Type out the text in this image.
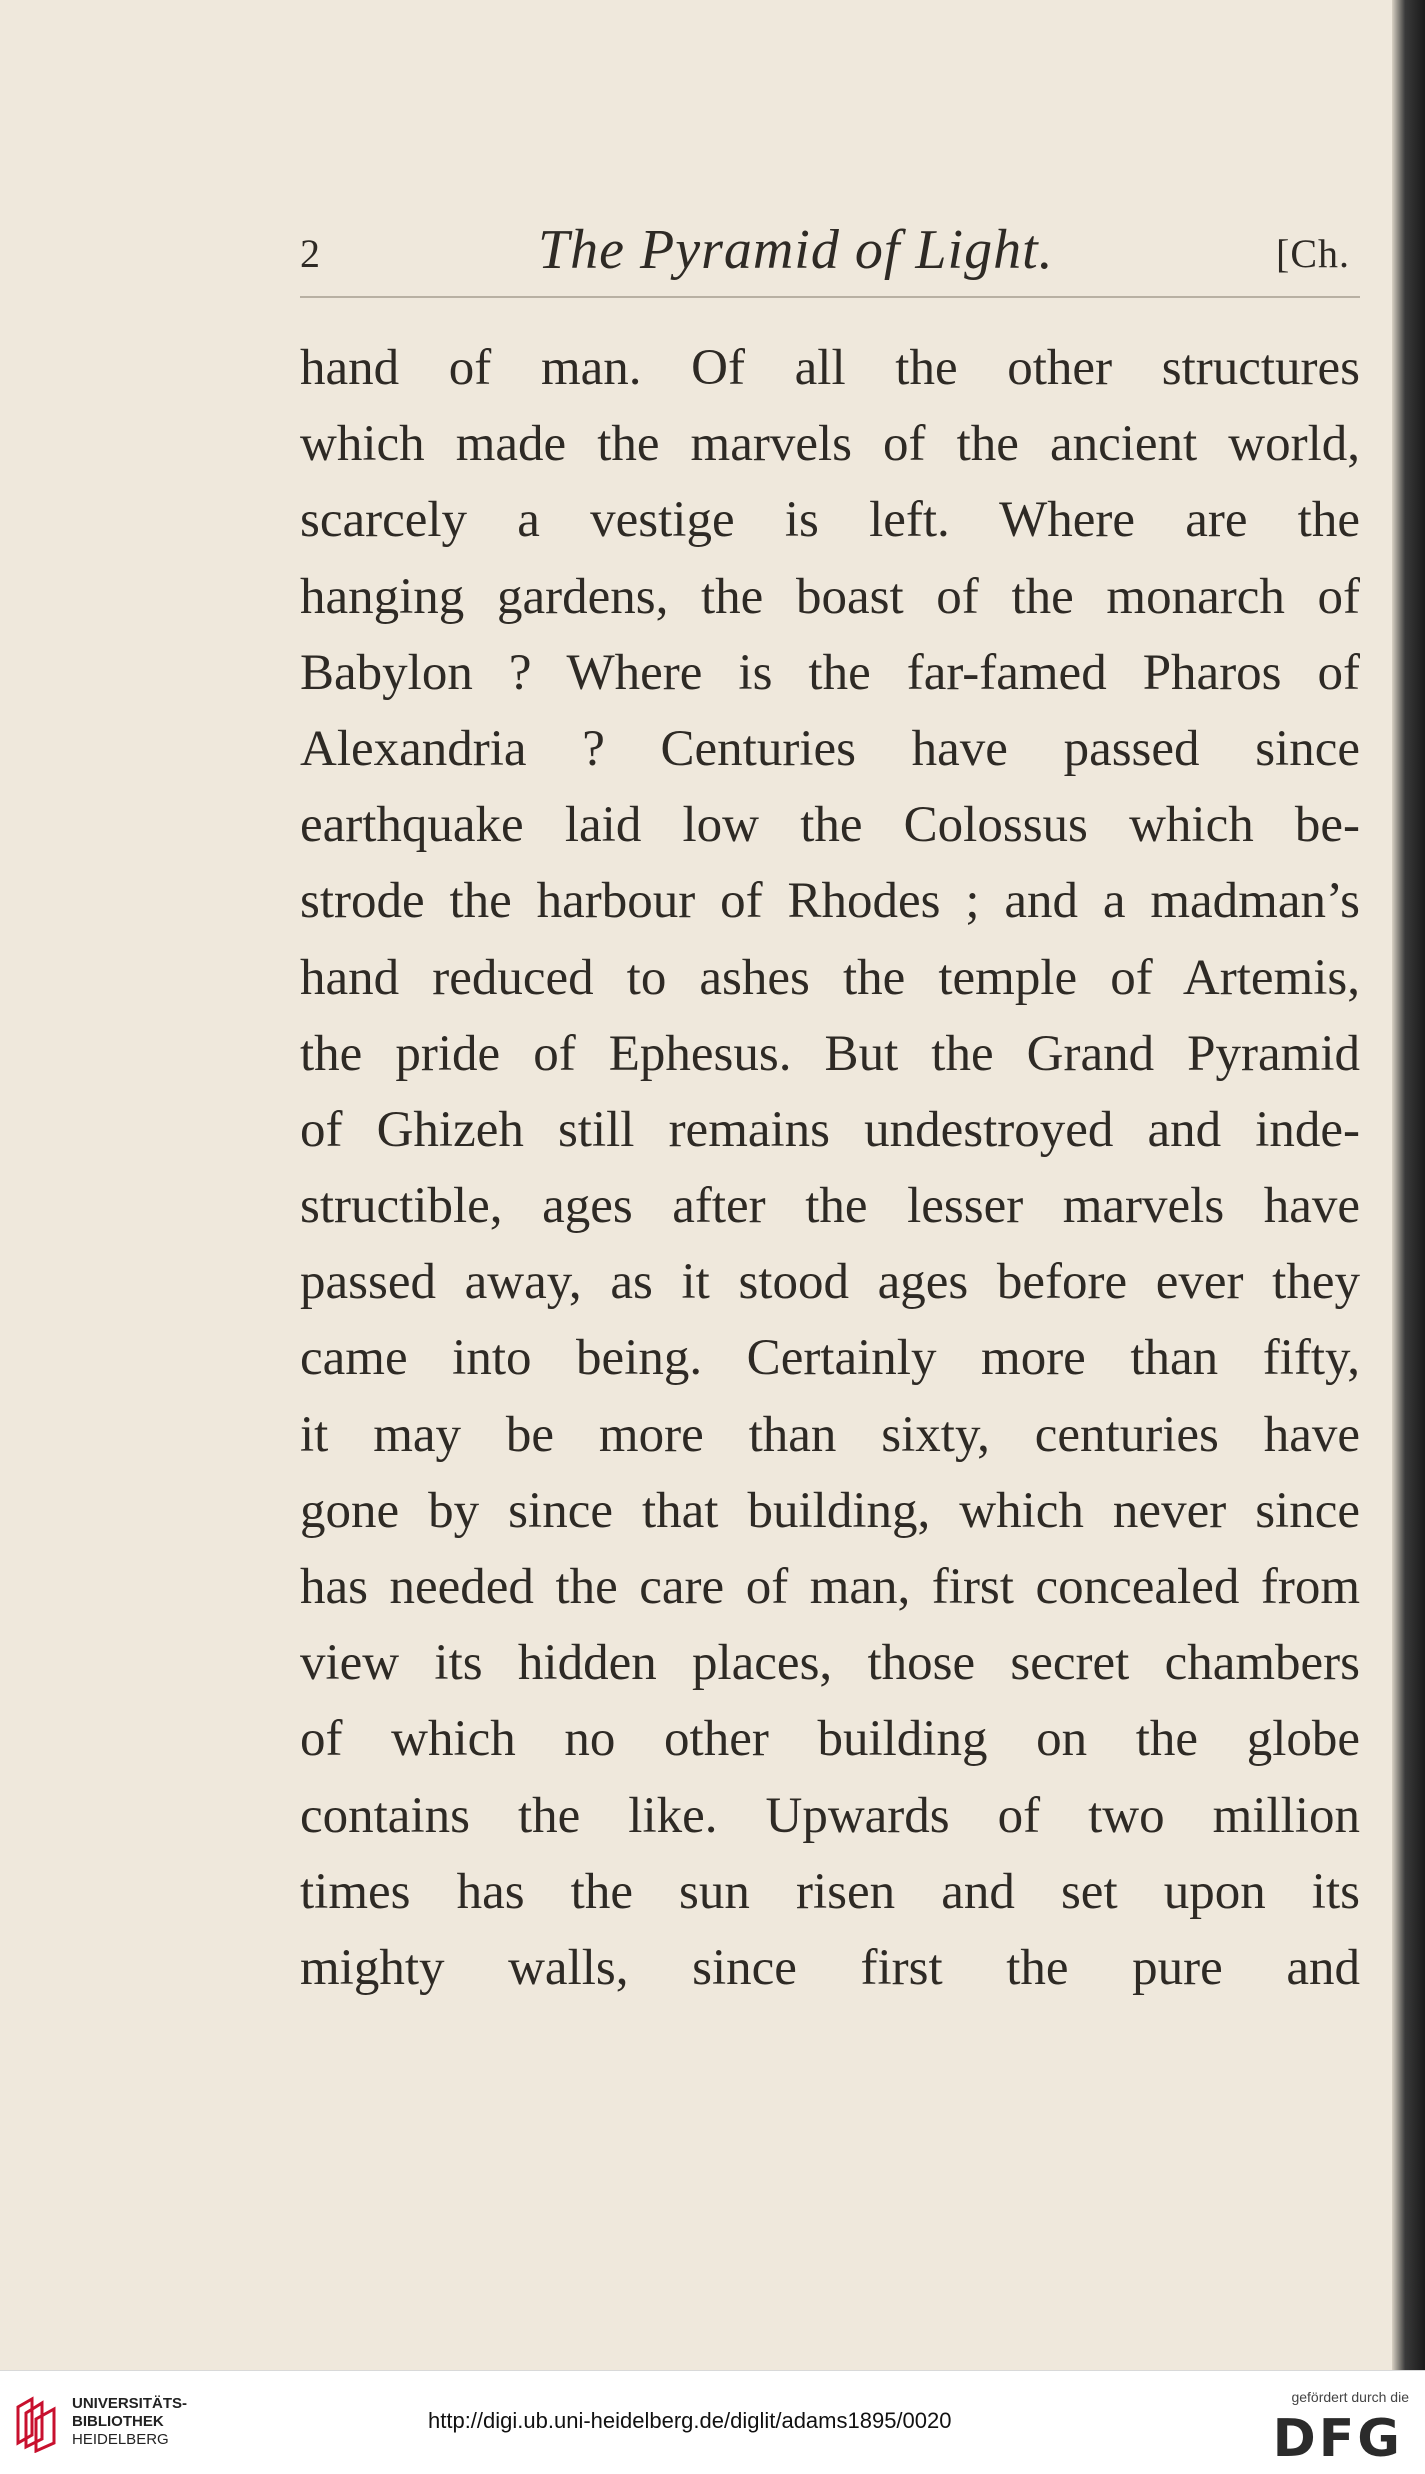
2	The Pyramid of Light.	[Ch.
hand of man. Of all the other structures
which made the marvels of the ancient world,
scarcely a vestige is left. Where are the
hanging gardens, the boast of the monarch of
Babylon ? Where is the far-famed Pharos of
Alexandria ? Centuries have passed since
earthquake laid low the Colossus which be-
strode the harbour of Rhodes ; and a madman’s
hand reduced to ashes the temple of Artemis,
the pride of Ephesus. But the Grand Pyramid
of Ghizeh still remains undestroyed and inde-
structible, ages after the lesser marvels have
passed away, as it stood ages before ever they
came into being. Certainly more than fifty,
it may be more than sixty, centuries have
gone by since that building, which never since
has needed the care of man, first concealed from
view its hidden places, those secret chambers
of which no other building on the globe
contains the like. Upwards of two million
times has the sun risen and set upon its
mighty walls, since first the pure and
UNIVERSITÄTS-
BIBLIOTHEK
HEIDELBERG
http://digi.ub.uni-heidelberg.de/diglit/adams1895/0020
gefördert durch die
DFG
